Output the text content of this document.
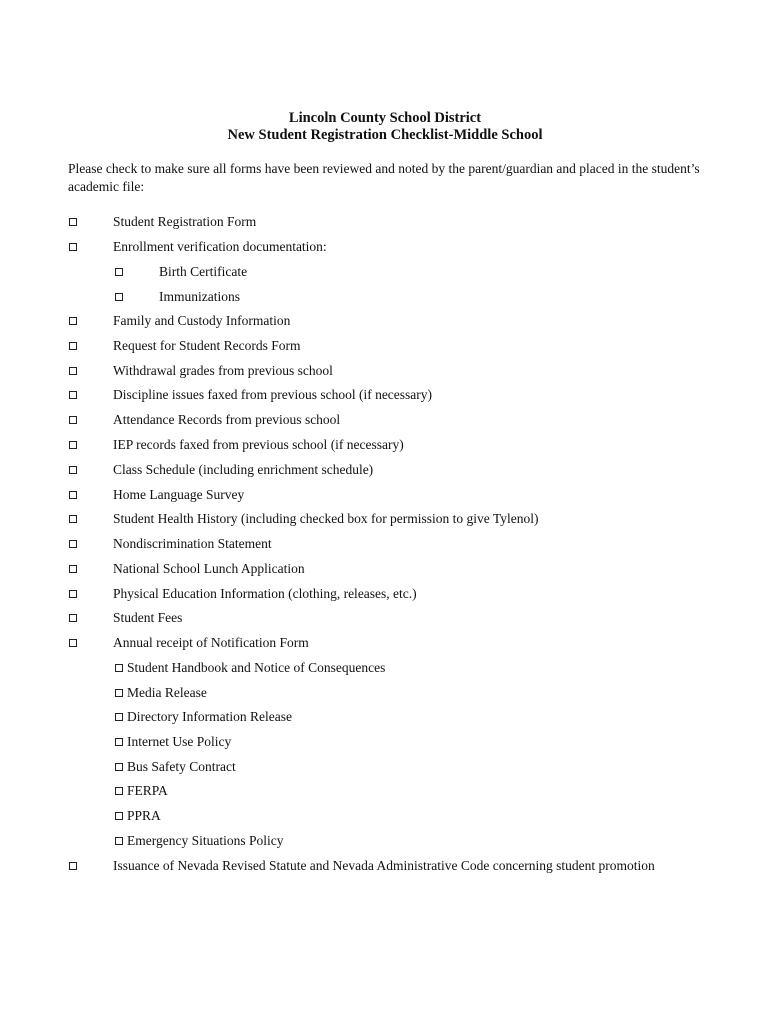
Lincoln County School District
New Student Registration Checklist-Middle School
Please check to make sure all forms have been reviewed and noted by the parent/guardian and placed in the student’s academic file:
Student Registration Form
Enrollment verification documentation:
Birth Certificate
Immunizations
Family and Custody Information
Request for Student Records Form
Withdrawal grades from previous school
Discipline issues faxed from previous school (if necessary)
Attendance Records from previous school
IEP records faxed from previous school (if necessary)
Class Schedule (including enrichment schedule)
Home Language Survey
Student Health History (including checked box for permission to give Tylenol)
Nondiscrimination Statement
National School Lunch Application
Physical Education Information (clothing, releases, etc.)
Student Fees
Annual receipt of Notification Form
Student Handbook and Notice of Consequences
Media Release
Directory Information Release
Internet Use Policy
Bus Safety Contract
FERPA
PPRA
Emergency Situations Policy
Issuance of Nevada Revised Statute and Nevada Administrative Code concerning student promotion
